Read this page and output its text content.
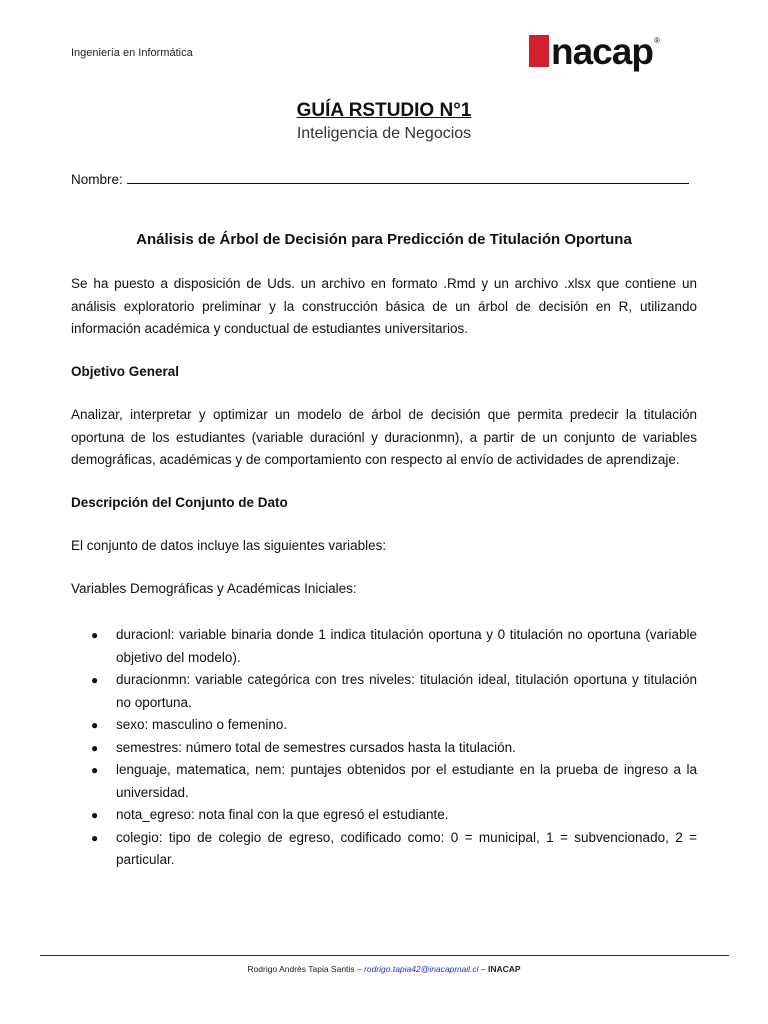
Ingeniería en Informática	nacap ®
GUÍA RSTUDIO N°1
Inteligencia de Negocios
Nombre:
Análisis de Árbol de Decisión para Predicción de Titulación Oportuna
Se ha puesto a disposición de Uds. un archivo en formato .Rmd y un archivo .xlsx que contiene un análisis exploratorio preliminar y la construcción básica de un árbol de decisión en R, utilizando información académica y conductual de estudiantes universitarios.
Objetivo General
Analizar, interpretar y optimizar un modelo de árbol de decisión que permita predecir la titulación oportuna de los estudiantes (variable duraciónl y duracionmn), a partir de un conjunto de variables demográficas, académicas y de comportamiento con respecto al envío de actividades de aprendizaje.
Descripción del Conjunto de Dato
El conjunto de datos incluye las siguientes variables:
Variables Demográficas y Académicas Iniciales:
● duracionl: variable binaria donde 1 indica titulación oportuna y 0 titulación no oportuna (variable objetivo del modelo).
● duracionmn: variable categórica con tres niveles: titulación ideal, titulación oportuna y titulación no oportuna.
● sexo: masculino o femenino.
● semestres: número total de semestres cursados hasta la titulación.
● lenguaje, matematica, nem: puntajes obtenidos por el estudiante en la prueba de ingreso a la universidad.
● nota_egreso: nota final con la que egresó el estudiante.
● colegio: tipo de colegio de egreso, codificado como: 0 = municipal, 1 = subvencionado, 2 = particular.
Rodrigo Andrés Tapia Santis – rodrigo.tapia42@inacapmail.cl – INACAP
